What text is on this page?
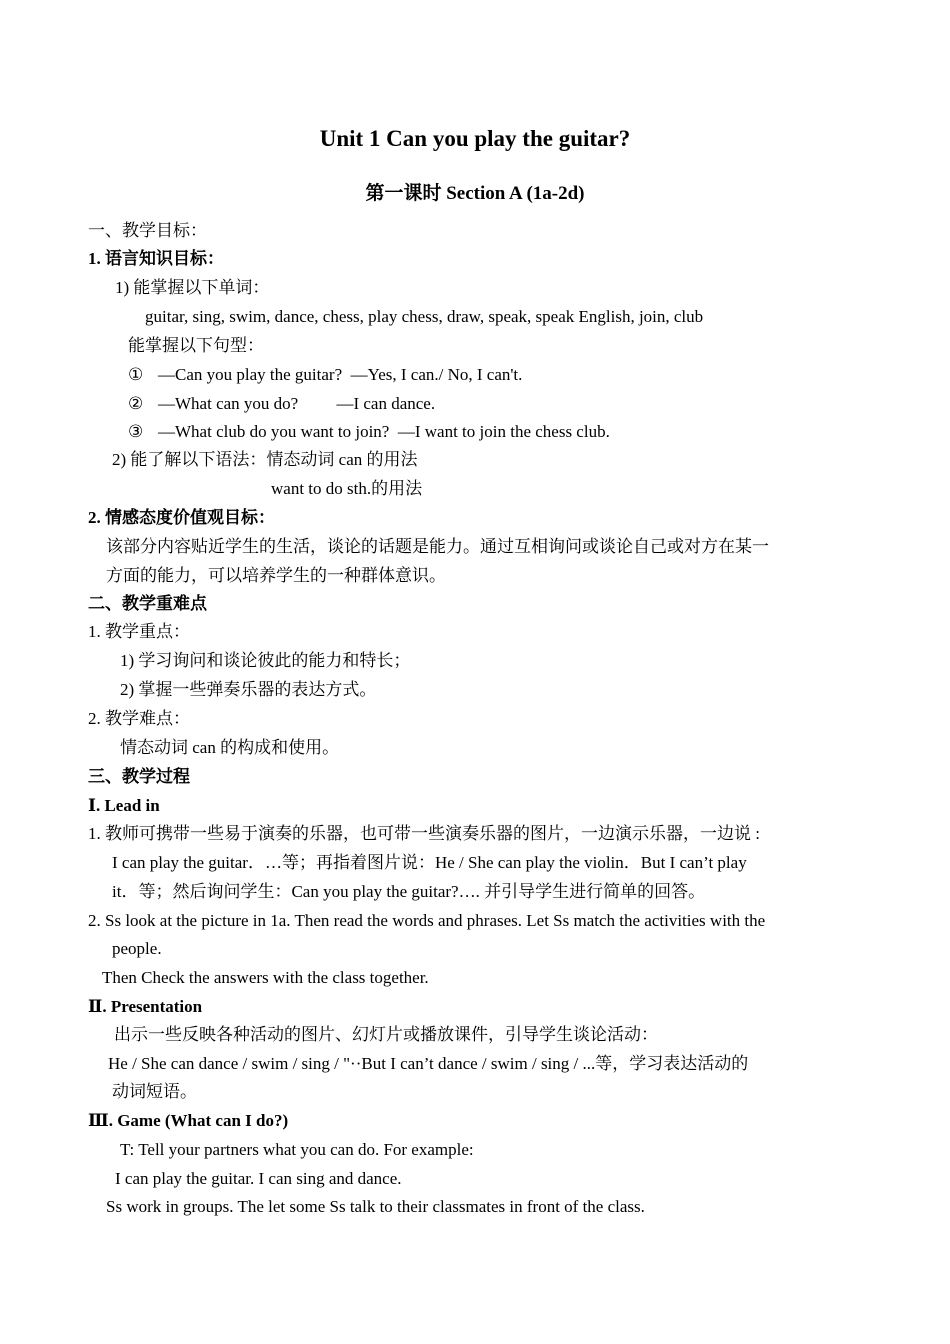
Unit 1 Can you play the guitar?
第一课时 Section A (1a-2d)
一、教学目标：
1. 语言知识目标：
1) 能掌握以下单词：
guitar, sing, swim, dance, chess, play chess, draw, speak, speak English, join, club
能掌握以下句型：
① —Can you play the guitar?  —Yes, I can./ No, I can't.
② —What can you do?         —I can dance.
③ —What club do you want to join?  —I want to join the chess club.
2) 能了解以下语法：情态动词 can 的用法
want to do sth.的用法
2. 情感态度价值观目标：
该部分内容贴近学生的生活，谈论的话题是能力。通过互相询问或谈论自己或对方在某一
方面的能力，可以培养学生的一种群体意识。
二、教学重难点
1. 教学重点：
1) 学习询问和谈论彼此的能力和特长；
2) 掌握一些弹奏乐器的表达方式。
2. 教学难点：
情态动词 can 的构成和使用。
三、教学过程
Ⅰ. Lead in
1. 教师可携带一些易于演奏的乐器，也可带一些演奏乐器的图片，一边演示乐器，一边说 :
I can play the guitar．…等；再指着图片说：He / She can play the violin．But I can’t play
it．等；然后询问学生：Can you play the guitar?…. 并引导学生进行简单的回答。
2. Ss look at the picture in 1a. Then read the words and phrases. Let Ss match the activities with the
people.
Then Check the answers with the class together.
Ⅱ. Presentation
出示一些反映各种活动的图片、幻灯片或播放课件，引导学生谈论活动：
He / She can dance / swim / sing / "··But I can’t dance / swim / sing / ...等，学习表达活动的
动词短语。
Ⅲ. Game (What can I do?)
T: Tell your partners what you can do. For example:
I can play the guitar. I can sing and dance.
Ss work in groups. The let some Ss talk to their classmates in front of the class.
